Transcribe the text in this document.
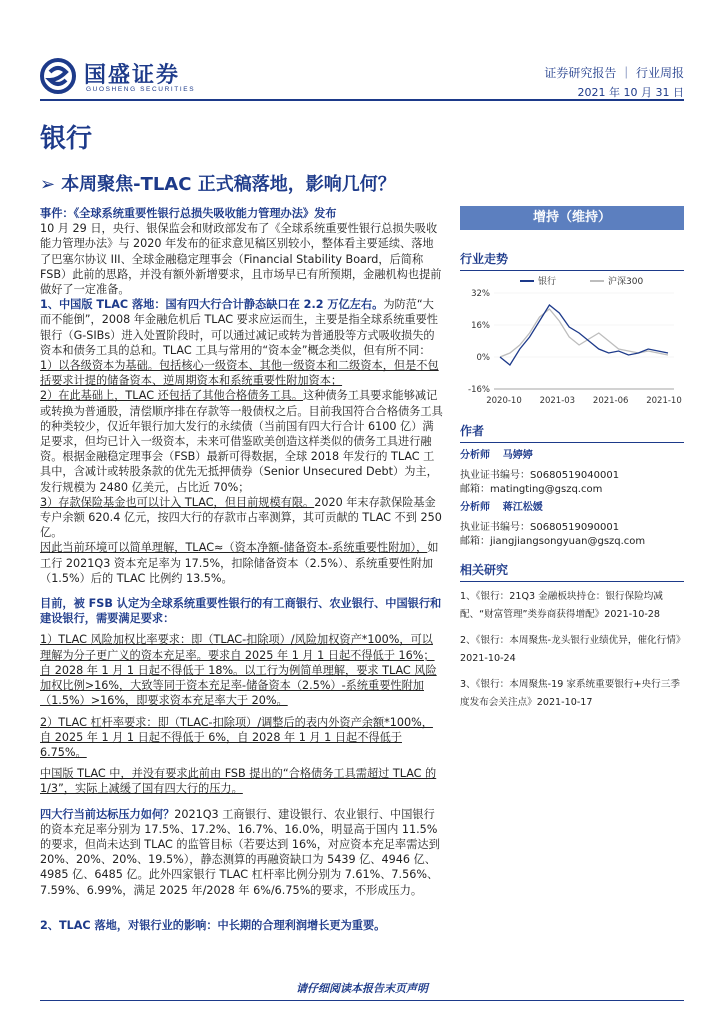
国盛证券
GUOSHENG SECURITIES
证券研究报告 ｜ 行业周报
2021 年 10 月 31 日
银行
➢ 本周聚焦-TLAC 正式稿落地，影响几何？

事件：《全球系统重要性银行总损失吸收能力管理办法》发布

10 月 29 日，央行、银保监会和财政部发布了《全球系统重要性银行总损失吸收能力管理办法》与 2020 年发布的征求意见稿区别较小，整体看主要延续、落地了巴塞尔协议 III、全球金融稳定理事会（Financial Stability Board，后简称 FSB）此前的思路，并没有额外新增要求，且市场早已有所预期，金融机构也提前做好了一定准备。

1、中国版 TLAC 落地：国有四大行合计静态缺口在 2.2 万亿左右。为防范“大而不能倒”，2008 年金融危机后 TLAC 要求应运而生，主要是指全球系统重要性银行（G-SIBs）进入处置阶段时，可以通过减记或转为普通股等方式吸收损失的资本和债务工具的总和。TLAC 工具与常用的“资本金”概念类似，但有所不同：

1）以各级资本为基础。包括核心一级资本、其他一级资本和二级资本，但是不包括要求计提的储备资本、逆周期资本和系统重要性附加资本；

2）在此基础上，TLAC 还包括了其他合格债务工具。这种债务工具要求能够减记或转换为普通股，清偿顺序排在存款等一般债权之后。目前我国符合合格债务工具的种类较少，仅近年银行加大发行的永续债（当前国有四大行合计 6100 亿）满足要求，但均已计入一级资本，未来可借鉴欧美创造这样类似的债务工具进行融资。根据金融稳定理事会（FSB）最新可得数据，全球 2018 年发行的 TLAC 工具中，含减计或转股条款的优先无抵押债券（Senior Unsecured Debt）为主，发行规模为 2480 亿美元，占比近 70%；

3）存款保险基金也可以计入 TLAC，但目前规模有限。2020 年末存款保险基金专户余额 620.4 亿元，按四大行的存款市占率测算，其可贡献的 TLAC 不到 250 亿。

因此当前环境可以简单理解，TLAC≈（资本净额-储备资本-系统重要性附加），如工行 2021Q3 资本充足率为 17.5%，扣除储备资本（2.5%）、系统重要性附加（1.5%）后的 TLAC 比例约 13.5%。

目前，被 FSB 认定为全球系统重要性银行的有工商银行、农业银行、中国银行和建设银行，需要满足要求：

1）TLAC 风险加权比率要求：即（TLAC-扣除项）/风险加权资产*100%，可以理解为分子更广义的资本充足率。要求自 2025 年 1 月 1 日起不得低于 16%；自 2028 年 1 月 1 日起不得低于 18%。以工行为例简单理解，要求 TLAC 风险加权比例>16%，大致等同于资本充足率-储备资本（2.5%）-系统重要性附加（1.5%）>16%，即要求资本充足率大于 20%。

2）TLAC 杠杆率要求：即（TLAC-扣除项）/调整后的表内外资产余额*100%，自 2025 年 1 月 1 日起不得低于 6%，自 2028 年 1 月 1 日起不得低于 6.75%。

中国版 TLAC 中，并没有要求此前由 FSB 提出的“合格债务工具需超过 TLAC 的 1/3”，实际上减缓了国有四大行的压力。

四大行当前达标压力如何？2021Q3 工商银行、建设银行、农业银行、中国银行的资本充足率分别为 17.5%、17.2%、16.7%、16.0%，明显高于国内 11.5%的要求，但尚未达到 TLAC 的监管目标（若要达到 16%，对应资本充足率需达到 20%、20%、20%、19.5%），静态测算的再融资缺口为 5439 亿、4946 亿、4985 亿、6485 亿。此外四家银行 TLAC 杠杆率比例分别为 7.61%、7.56%、7.59%、6.99%，满足 2025 年/2028 年 6%/6.75%的要求，不形成压力。

2、TLAC 落地，对银行业的影响：中长期的合理利润增长更为重要。

增持（维持）
行业走势
银行	沪深300
32%
16%
0%
-16%
2020-10 2021-03 2021-06 2021-10
作者
分析师 马婷婷
执业证书编号：S0680519040001
邮箱：matingting@gszq.com
分析师 蒋江松媛
执业证书编号：S0680519090001
邮箱：jiangjiangsongyuan@gszq.com
相关研究
1、《银行：21Q3 金融板块持仓：银行保险均减配、“财富管理”类券商获得增配》2021-10-28
2、《银行：本周聚焦-龙头银行业绩优异，催化行情》2021-10-24
3、《银行：本周聚焦-19 家系统重要银行+央行三季度发布会关注点》2021-10-17
请仔细阅读本报告末页声明
